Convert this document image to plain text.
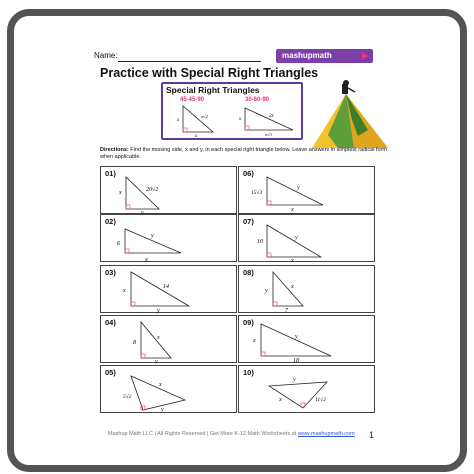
Name:	mashupmath
Practice with Special Right Triangles
Special Right Triangles
45-45-90	30-60-90
x
x
x√2
x
x√3
2x
Directions: Find the missing side, x and y, in each special right triangle below. Leave answers in simplest radical form when applicable.
01)
x
y
20√2
06)
15√3
x
y
02)
6
x
y
07)
10
x
y
03)
x
y
14
08)
y
7
x
04)
8
x
y
09)
x
18
y
05)
5√2
x
y
10)
x
y
11√2
Mashup Math LLC | All Rights Reserved | Get More K-12 Math Worksheets at www.mashupmath.com 1
